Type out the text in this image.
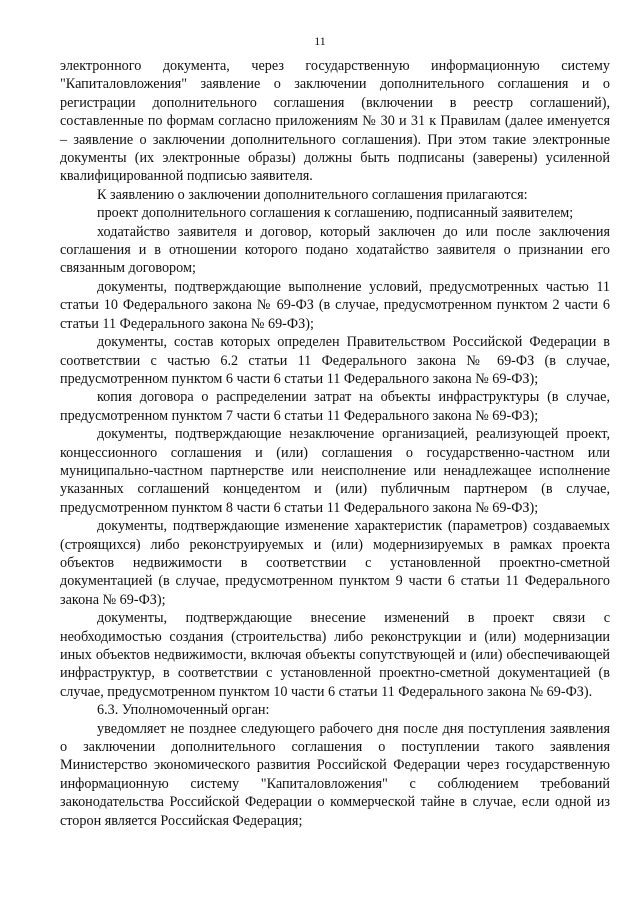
11

электронного документа, через государственную информационную систему "Капиталовложения" заявление о заключении дополнительного соглашения и о регистрации дополнительного соглашения (включении в реестр соглашений), составленные по формам согласно приложениям № 30 и 31 к Правилам (далее именуется – заявление о заключении дополнительного соглашения). При этом такие электронные документы (их электронные образы) должны быть подписаны (заверены) усиленной квалифицированной подписью заявителя.

К заявлению о заключении дополнительного соглашения прилагаются:

проект дополнительного соглашения к соглашению, подписанный заявителем;

ходатайство заявителя и договор, который заключен до или после заключения соглашения и в отношении которого подано ходатайство заявителя о признании его связанным договором;

документы, подтверждающие выполнение условий, предусмотренных частью 11 статьи 10 Федерального закона № 69-ФЗ (в случае, предусмотренном пунктом 2 части 6 статьи 11 Федерального закона № 69-ФЗ);

документы, состав которых определен Правительством Российской Федерации в соответствии с частью 6.2 статьи 11 Федерального закона № 69-ФЗ (в случае, предусмотренном пунктом 6 части 6 статьи 11 Федерального закона № 69-ФЗ);

копия договора о распределении затрат на объекты инфраструктуры (в случае, предусмотренном пунктом 7 части 6 статьи 11 Федерального закона № 69-ФЗ);

документы, подтверждающие незаключение организацией, реализующей проект, концессионного соглашения и (или) соглашения о государственно-частном или муниципально-частном партнерстве или неисполнение или ненадлежащее исполнение указанных соглашений концедентом и (или) публичным партнером (в случае, предусмотренном пунктом 8 части 6 статьи 11 Федерального закона № 69-ФЗ);

документы, подтверждающие изменение характеристик (параметров) создаваемых (строящихся) либо реконструируемых и (или) модернизируемых в рамках проекта объектов недвижимости в соответствии с установленной проектно-сметной документацией (в случае, предусмотренном пунктом 9 части 6 статьи 11 Федерального закона № 69-ФЗ);

документы, подтверждающие внесение изменений в проект связи с необходимостью создания (строительства) либо реконструкции и (или) модернизации иных объектов недвижимости, включая объекты сопутствующей и (или) обеспечивающей инфраструктур, в соответствии с установленной проектно-сметной документацией (в случае, предусмотренном пунктом 10 части 6 статьи 11 Федерального закона № 69-ФЗ).

6.3. Уполномоченный орган:

уведомляет не позднее следующего рабочего дня после дня поступления заявления о заключении дополнительного соглашения о поступлении такого заявления Министерство экономического развития Российской Федерации через государственную информационную систему "Капиталовложения" с соблюдением требований законодательства Российской Федерации о коммерческой тайне в случае, если одной из сторон является Российская Федерация;
